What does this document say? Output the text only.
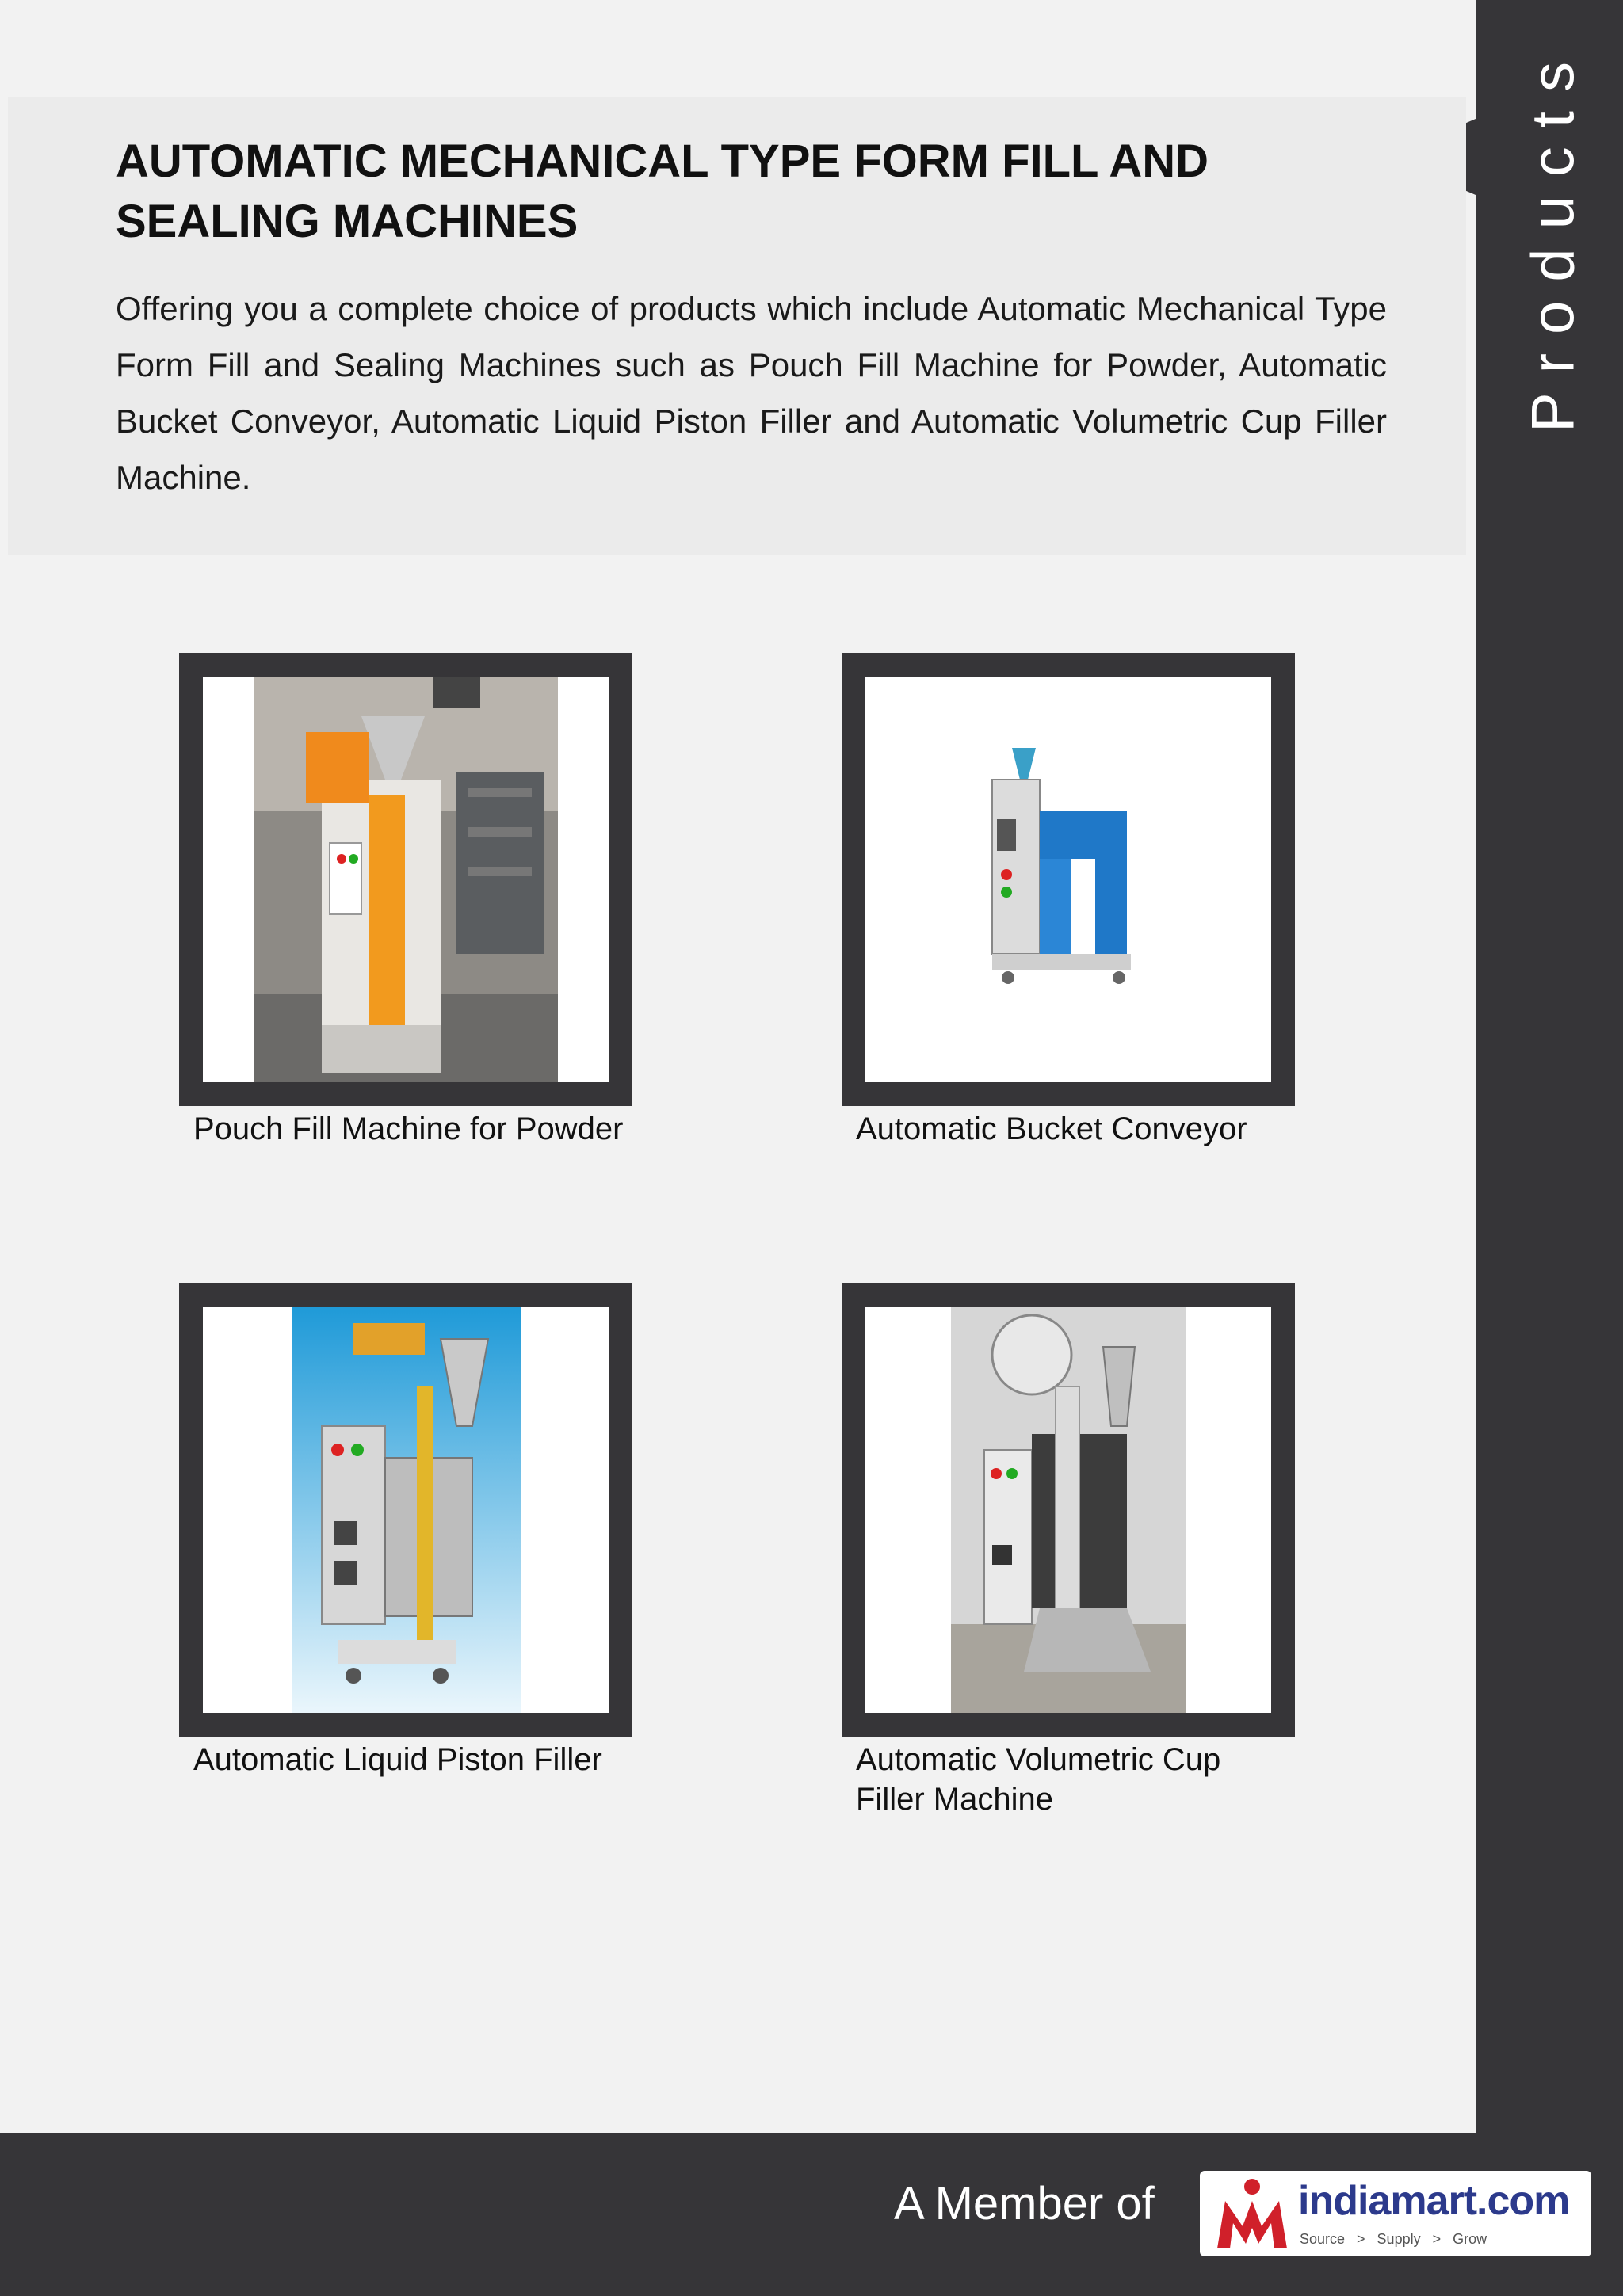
Products
AUTOMATIC MECHANICAL TYPE FORM FILL AND SEALING MACHINES

Offering you a complete choice of products which include Automatic Mechanical Type Form Fill and Sealing Machines such as Pouch Fill Machine for Powder, Automatic Bucket Conveyor, Automatic Liquid Piston Filler and Automatic Volumetric Cup Filler Machine.

Pouch Fill Machine for Powder	Automatic Bucket Conveyor

Automatic Liquid Piston Filler	Automatic Volumetric Cup Filler Machine

A Member of	indiamart.com
Source   >   Supply   >   Grow
